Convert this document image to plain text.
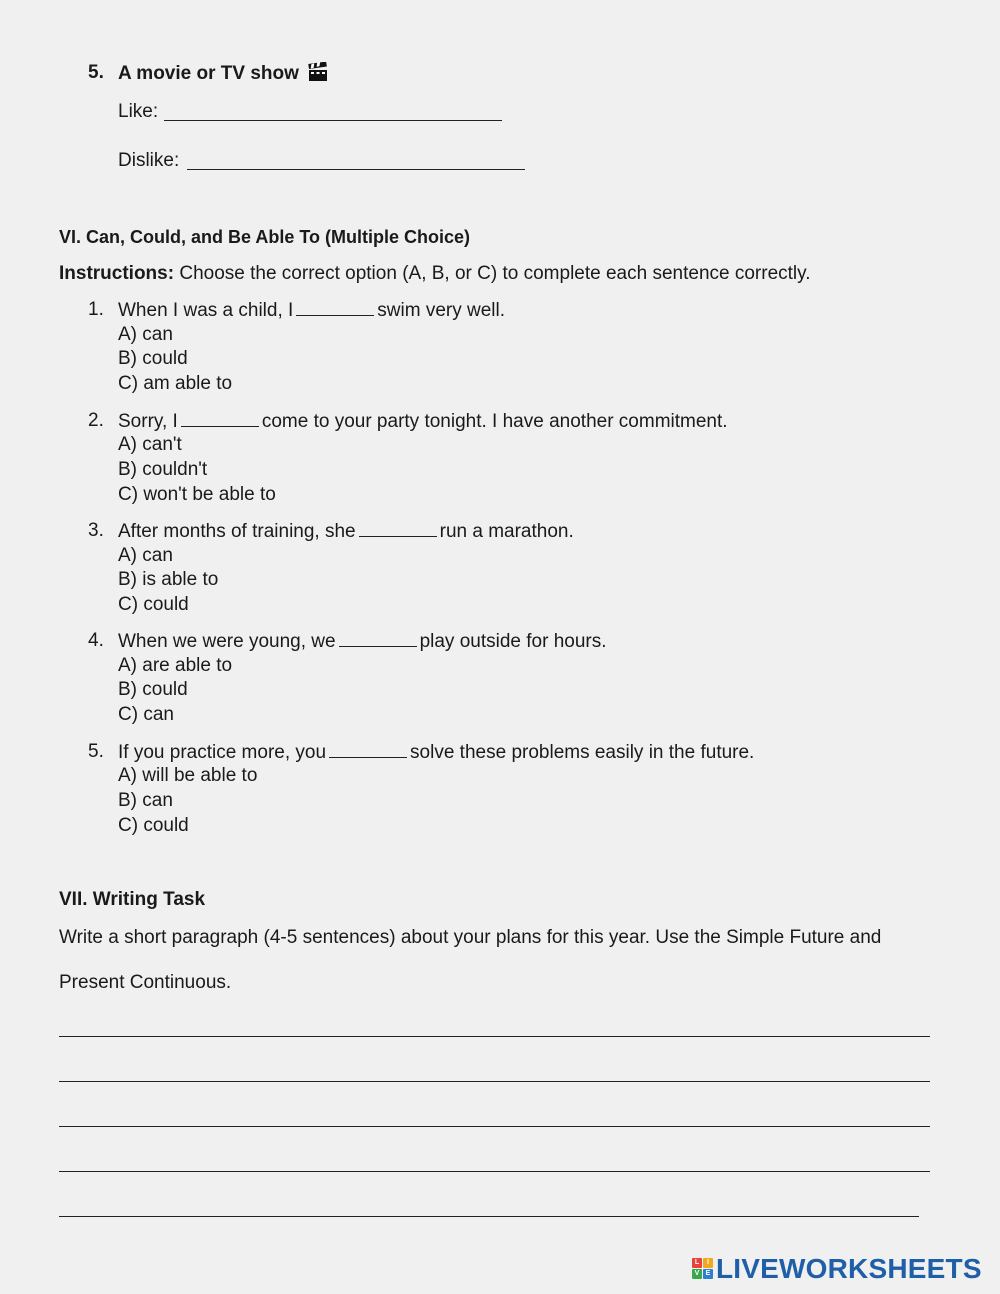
5. A movie or TV show
Like:
Dislike:
VI. Can, Could, and Be Able To (Multiple Choice)
Instructions: Choose the correct option (A, B, or C) to complete each sentence correctly.
1. When I was a child, I	swim very well.
A) can
B) could
C) am able to
2. Sorry, I	come to your party tonight. I have another commitment.
A) can't
B) couldn't
C) won't be able to
3. After months of training, she	run a marathon.
A) can
B) is able to
C) could
4. When we were young, we	play outside for hours.
A) are able to
B) could
C) can
5. If you practice more, you	solve these problems easily in the future.
A) will be able to
B) can
C) could
VII. Writing Task
Write a short paragraph (4-5 sentences) about your plans for this year. Use the Simple Future and
Present Continuous.
L	I
V E LIVEWORKSHEETS
